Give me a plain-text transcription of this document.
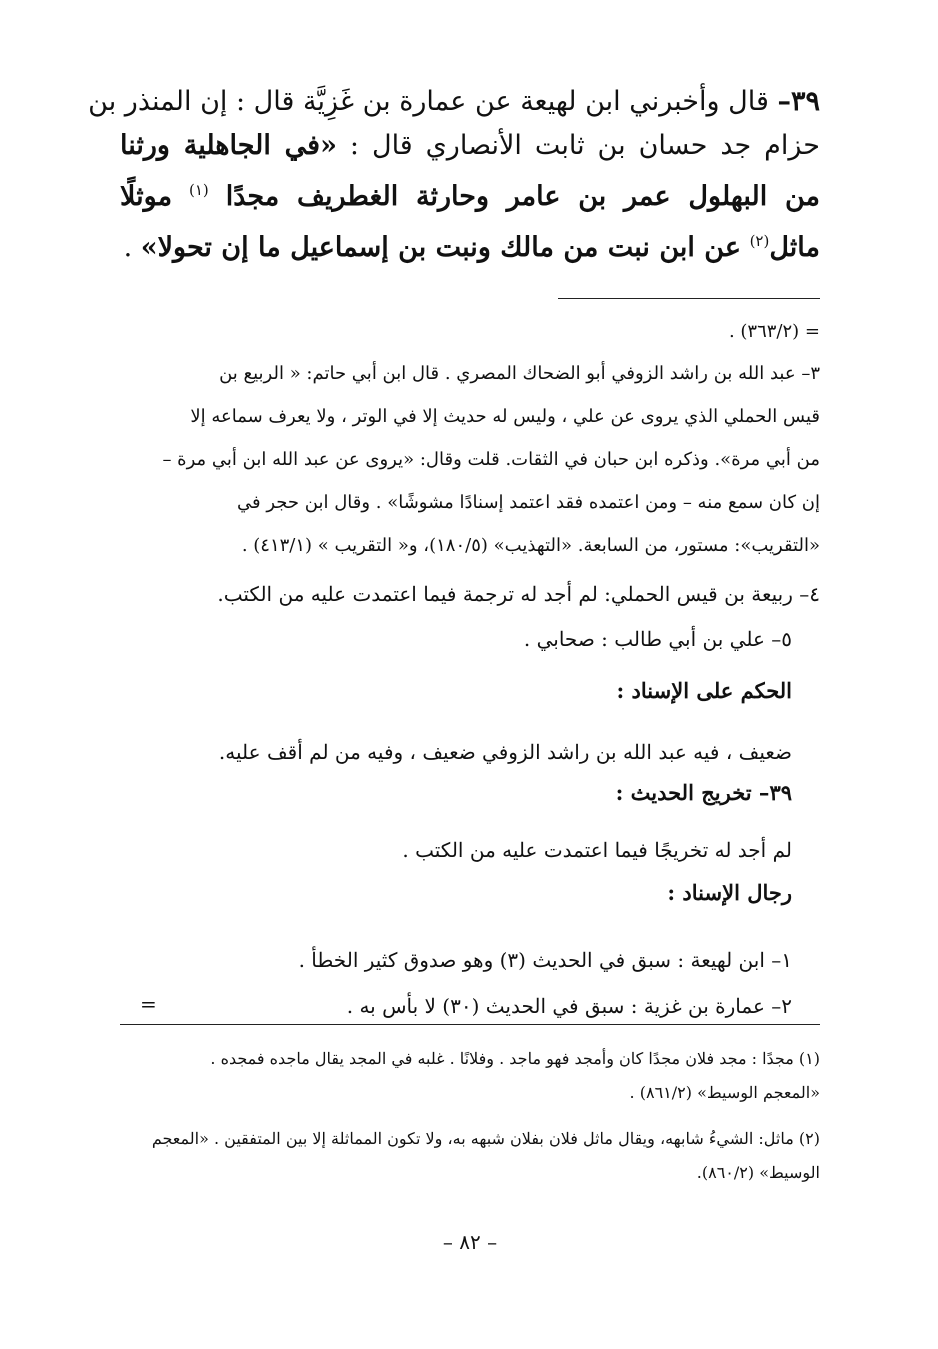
٣٩– قال وأخبرني ابن لهيعة عن عمارة بن غَزِيَّة قال : إن المنذر بن
حزام جد حسان بن ثابت الأنصاري قال : «في الجاهلية ورثنا من البهلول عمر بن عامر وحارثة الغطريف مجدًا $^{(١)}$ موثلًا ماثل$^{(٢)}$ عن ابن نبت من مالك ونبت بن إسماعيل ما إن تحولا» .
= (٣٦٣/٢) .
٣– عبد الله بن راشد الزوفي أبو الضحاك المصري . قال ابن أبي حاتم: « الربيع بن
قيس الحملي الذي يروى عن علي ، وليس له حديث إلا في الوتر ، ولا يعرف سماعه إلا
من أبي مرة». وذكره ابن حبان في الثقات. قلت وقال: «يروى عن عبد الله ابن أبي مرة –
إن كان سمع منه – ومن اعتمده فقد اعتمد إسنادًا مشوشًا» . وقال ابن حجر في
«التقريب»: مستور، من السابعة. «التهذيب» (١٨٠/٥)، و« التقريب » (٤١٣/١) .
٤– ربيعة بن قيس الحملي: لم أجد له ترجمة فيما اعتمدت عليه من الكتب.
٥– علي بن أبي طالب : صحابي .
الحكم على الإسناد :
ضعيف ، فيه عبد الله بن راشد الزوفي ضعيف ، وفيه من لم أقف عليه.
٣٩– تخريج الحديث :
لم أجد له تخريجًا فيما اعتمدت عليه من الكتب .
رجال الإسناد :
١– ابن لهيعة : سبق في الحديث (٣) وهو صدوق كثير الخطأ .
٢– عمارة بن غزية : سبق في الحديث (٣٠) لا بأس به .
=
(١) مجدًا : مجد فلان مجدًا كان وأمجد فهو ماجد . وفلانًا . غلبه في المجد يقال ماجده فمجده .
«المعجم الوسيط» (٨٦١/٢) .
(٢) ماثل: الشيءُ شابهه، ويقال ماثل فلان بفلان شبهه به، ولا تكون المماثلة إلا بين المتفقين . «المعجم
الوسيط» (٨٦٠/٢).
– ٨٢ –
